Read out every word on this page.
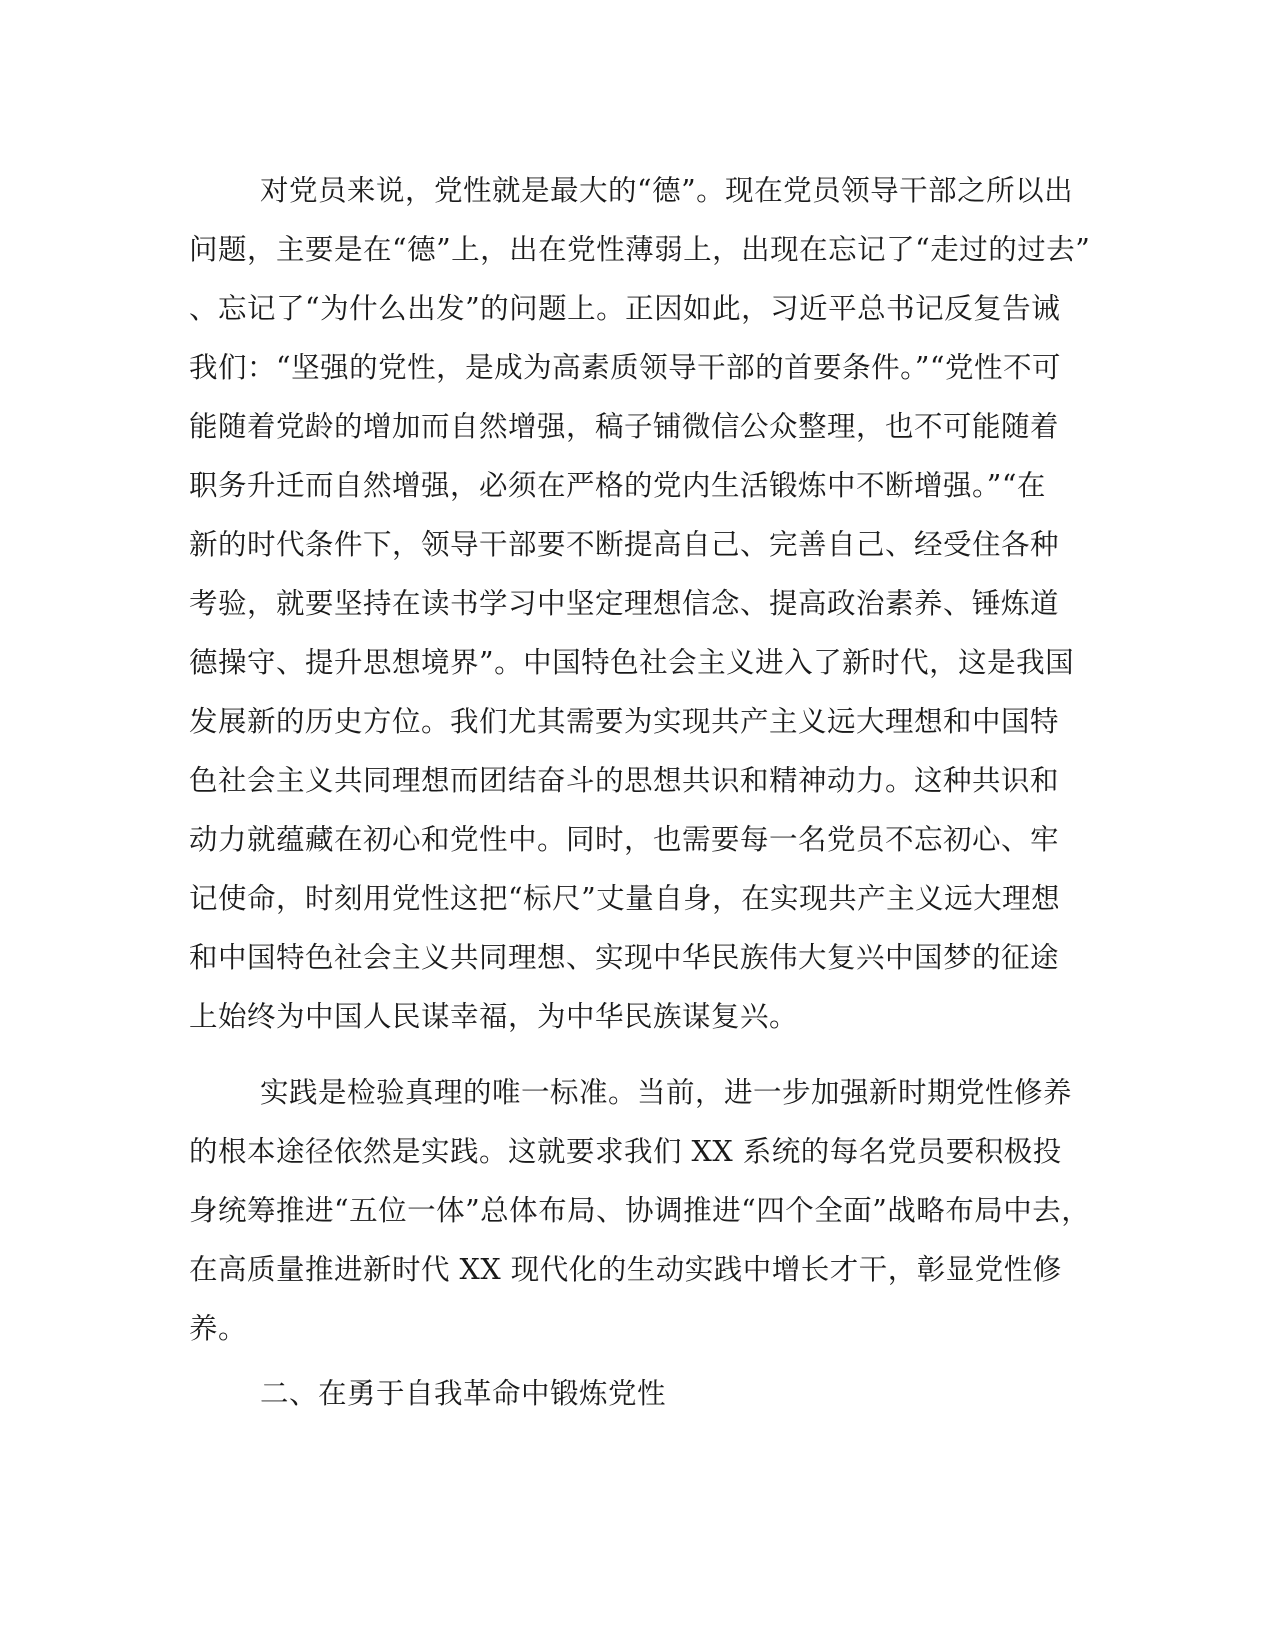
对党员来说，党性就是最大的“德”。现在党员领导干部之所以出
问题，主要是在“德”上，出在党性薄弱上，出现在忘记了“走过的过去”
、忘记了“为什么出发”的问题上。正因如此，习近平总书记反复告诫
我们：“坚强的党性，是成为高素质领导干部的首要条件。”“党性不可
能随着党龄的增加而自然增强，稿子铺微信公众整理，也不可能随着
职务升迁而自然增强，必须在严格的党内生活锻炼中不断增强。”“在
新的时代条件下，领导干部要不断提高自己、完善自己、经受住各种
考验，就要坚持在读书学习中坚定理想信念、提高政治素养、锤炼道
德操守、提升思想境界”。中国特色社会主义进入了新时代，这是我国
发展新的历史方位。我们尤其需要为实现共产主义远大理想和中国特
色社会主义共同理想而团结奋斗的思想共识和精神动力。这种共识和
动力就蕴藏在初心和党性中。同时，也需要每一名党员不忘初心、牢
记使命，时刻用党性这把“标尺”丈量自身，在实现共产主义远大理想
和中国特色社会主义共同理想、实现中华民族伟大复兴中国梦的征途
上始终为中国人民谋幸福，为中华民族谋复兴。
实践是检验真理的唯一标准。当前，进一步加强新时期党性修养
的根本途径依然是实践。这就要求我们 XX 系统的每名党员要积极投
身统筹推进“五位一体”总体布局、协调推进“四个全面”战略布局中去，
在高质量推进新时代 XX 现代化的生动实践中增长才干，彰显党性修
养。
二、在勇于自我革命中锻炼党性
